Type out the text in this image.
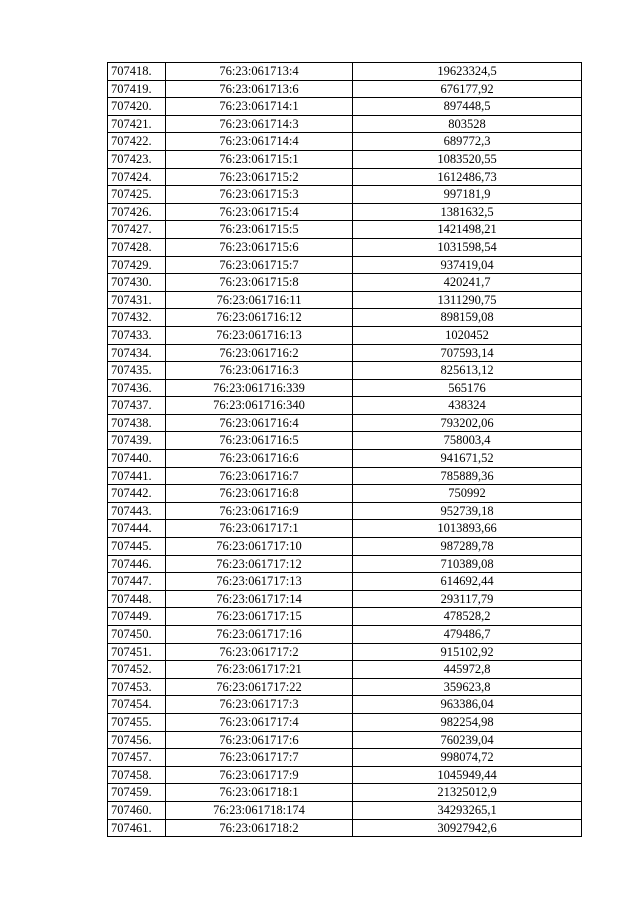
707418.	76:23:061713:4	19623324,5
707419.	76:23:061713:6	676177,92
707420.	76:23:061714:1	897448,5
707421.	76:23:061714:3	803528
707422.	76:23:061714:4	689772,3
707423.	76:23:061715:1	1083520,55
707424.	76:23:061715:2	1612486,73
707425.	76:23:061715:3	997181,9
707426.	76:23:061715:4	1381632,5
707427.	76:23:061715:5	1421498,21
707428.	76:23:061715:6	1031598,54
707429.	76:23:061715:7	937419,04
707430.	76:23:061715:8	420241,7
707431.	76:23:061716:11	1311290,75
707432.	76:23:061716:12	898159,08
707433.	76:23:061716:13	1020452
707434.	76:23:061716:2	707593,14
707435.	76:23:061716:3	825613,12
707436.	76:23:061716:339	565176
707437.	76:23:061716:340	438324
707438.	76:23:061716:4	793202,06
707439.	76:23:061716:5	758003,4
707440.	76:23:061716:6	941671,52
707441.	76:23:061716:7	785889,36
707442.	76:23:061716:8	750992
707443.	76:23:061716:9	952739,18
707444.	76:23:061717:1	1013893,66
707445.	76:23:061717:10	987289,78
707446.	76:23:061717:12	710389,08
707447.	76:23:061717:13	614692,44
707448.	76:23:061717:14	293117,79
707449.	76:23:061717:15	478528,2
707450.	76:23:061717:16	479486,7
707451.	76:23:061717:2	915102,92
707452.	76:23:061717:21	445972,8
707453.	76:23:061717:22	359623,8
707454.	76:23:061717:3	963386,04
707455.	76:23:061717:4	982254,98
707456.	76:23:061717:6	760239,04
707457.	76:23:061717:7	998074,72
707458.	76:23:061717:9	1045949,44
707459.	76:23:061718:1	21325012,9
707460.	76:23:061718:174	34293265,1
707461.	76:23:061718:2	30927942,6
